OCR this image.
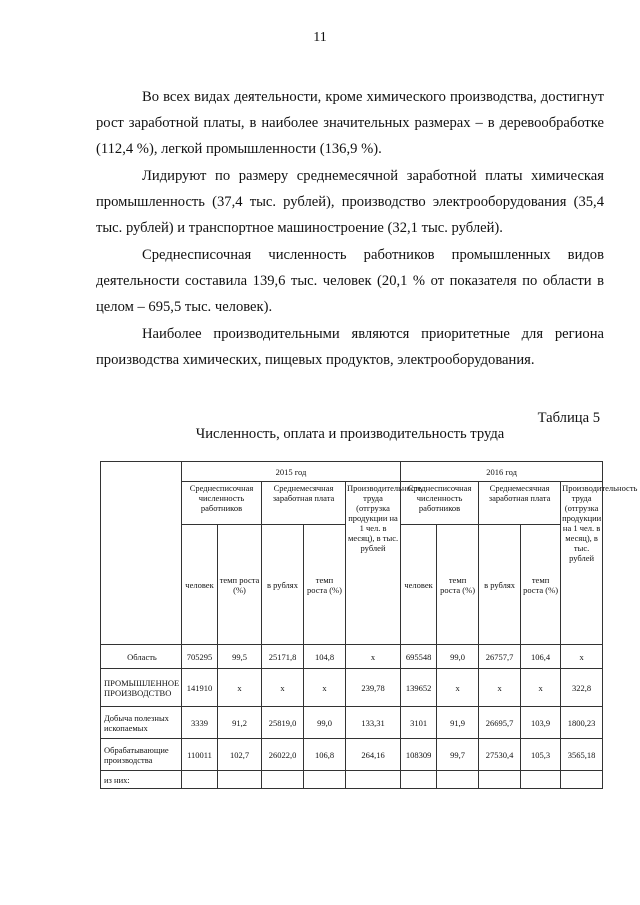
11

Во всех видах деятельности, кроме химического производства, достигнут рост заработной платы, в наиболее значительных размерах – в деревообработке (112,4 %), легкой промышленности (136,9 %).

Лидируют по размеру среднемесячной заработной платы химическая промышленность (37,4 тыс. рублей), производство электрооборудования (35,4 тыс. рублей) и транспортное машиностроение (32,1 тыс. рублей).

Среднесписочная численность работников промышленных видов деятельности составила 139,6 тыс. человек (20,1 % от показателя по области в целом – 695,5 тыс. человек).

Наиболее производительными являются приоритетные для региона производства химических, пищевых продуктов, электрооборудования.

Таблица 5
Численность, оплата и производительность труда
	2015 год					2016 год				
	Среднесписочная численность работников		Среднемесячная заработная плата		Производительность труда (отгрузка продукции на 1 чел. в месяц), в тыс. рублей	Среднесписочная численность работников		Среднемесячная заработная плата		Производительность труда (отгрузка продукции на 1 чел. в месяц), в тыс. рублей
	человек	темп роста (%)	в рублях	темп роста (%)		человек	темп роста (%)	в рублях	темп роста (%)	
Область	705295	99,5	25171,8	104,8	x	695548	99,0	26757,7	106,4	x
ПРОМЫШЛЕННОЕ ПРОИЗВОДСТВО	141910	x	x	x	239,78	139652	x	x	x	322,8
Добыча полезных ископаемых	3339	91,2	25819,0	99,0	133,31	3101	91,9	26695,7	103,9	1800,23
Обрабатывающие производства	110011	102,7	26022,0	106,8	264,16	108309	99,7	27530,4	105,3	3565,18
из них:										
